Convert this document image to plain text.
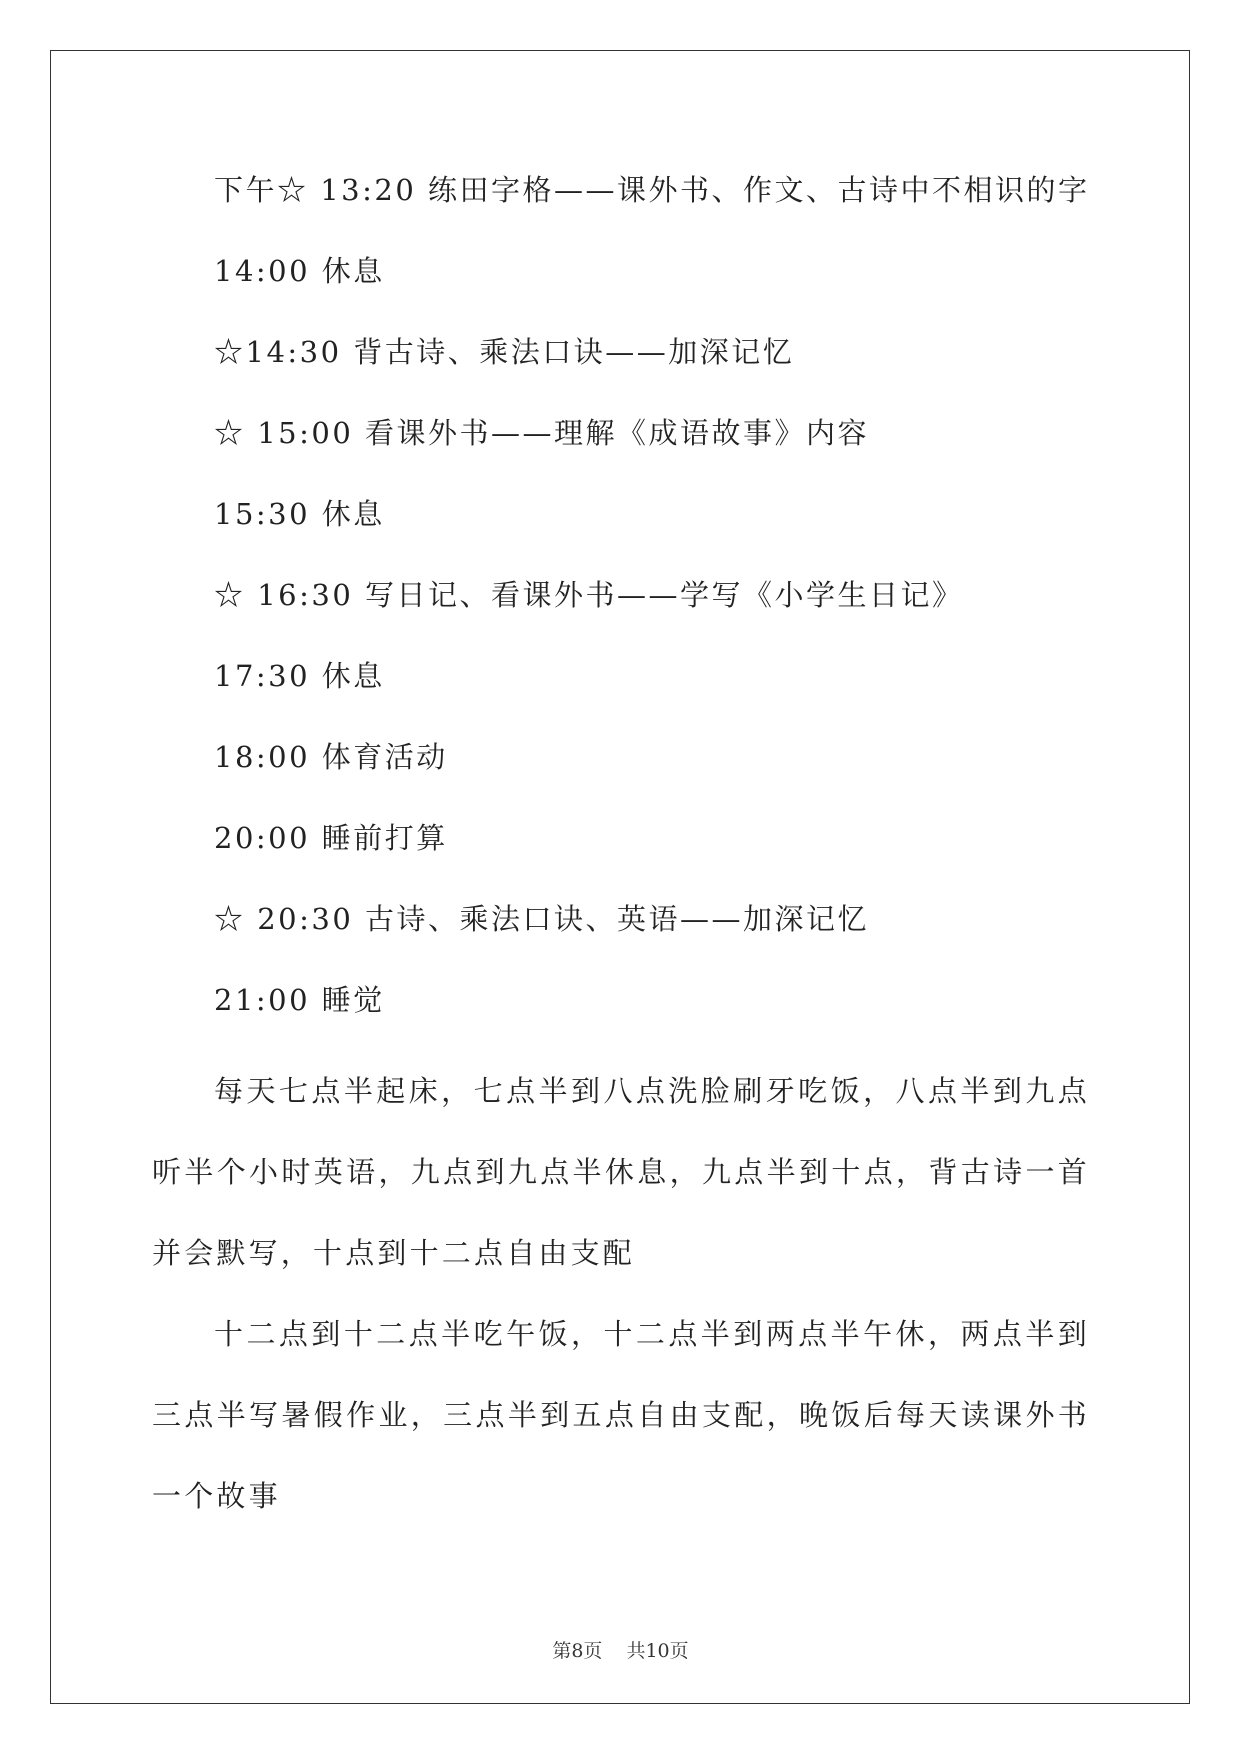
下午☆ 13:20 练田字格——课外书、作文、古诗中不相识的字
14:00 休息
☆14:30 背古诗、乘法口诀——加深记忆
☆ 15:00 看课外书——理解《成语故事》内容
15:30 休息
☆ 16:30 写日记、看课外书——学写《小学生日记》
17:30 休息
18:00 体育活动
20:00 睡前打算
☆ 20:30 古诗、乘法口诀、英语——加深记忆
21:00 睡觉

每天七点半起床，七点半到八点洗脸刷牙吃饭，八点半到九点听半个小时英语，九点到九点半休息，九点半到十点，背古诗一首并会默写，十点到十二点自由支配

十二点到十二点半吃午饭，十二点半到两点半午休，两点半到三点半写暑假作业，三点半到五点自由支配，晚饭后每天读课外书一个故事

第8页 共10页
